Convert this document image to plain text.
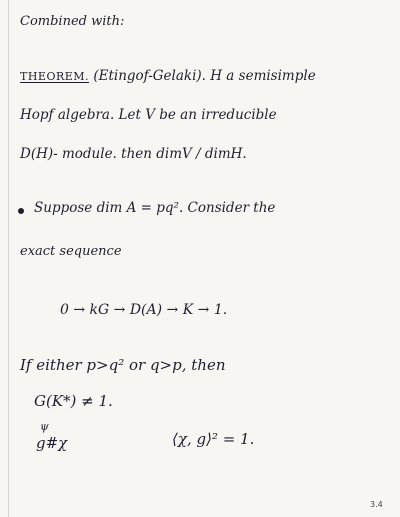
Combined with:
THEOREM. (Etingof-Gelaki). H a semisimple
Hopf algebra. Let V be an irreducible
D(H)- module. then dimV / dimH.
Suppose dim A = pq². Consider the
exact sequence
0 → kG → D(A) → K → 1.
If either p>q² or q>p, then
G(K*) ≠ 1.
ψ
g#χ	⟨χ, g⟩² = 1.
3.4
